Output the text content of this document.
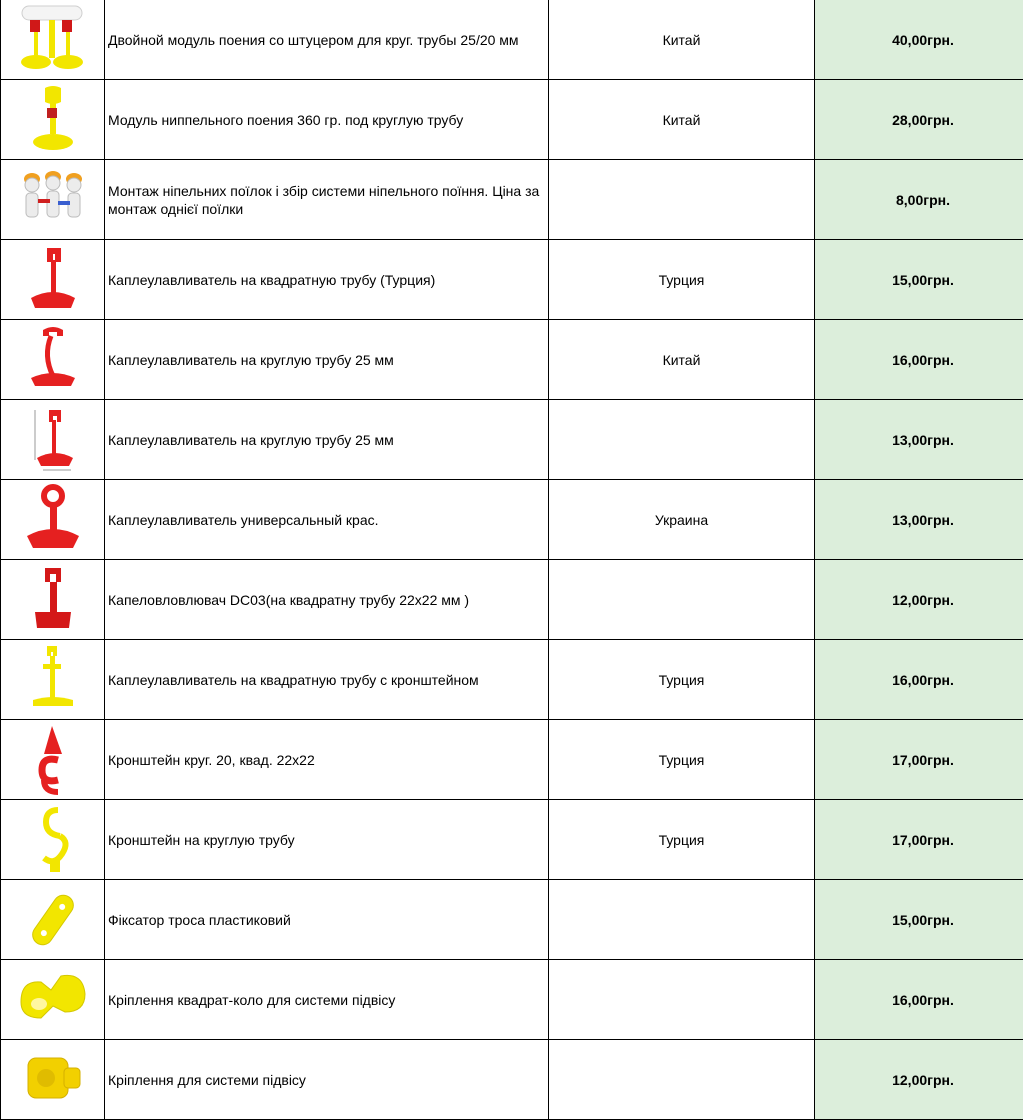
	Двойной модуль поения со штуцером для круг. трубы 25/20 мм	Китай	40,00грн.

	Модуль ниппельного поения 360 гр. под круглую трубу	Китай	28,00грн.

	Монтаж нiпельних поїлок і збір системи нiпельного поїння. Ціна за монтаж однієї поїлки		8,00грн.

	Каплеулавливатель на квадратную трубу (Турция)	Турция	15,00грн.

	Каплеулавливатель на круглую трубу 25 мм	Китай	16,00грн.

	Каплеулавливатель на круглую трубу 25 мм		13,00грн.

	Каплеулавливатель универсальный крас.	Украина	13,00грн.

	Капеловловлювач DC03(на квадратну трубу 22х22 мм )		12,00грн.

	Каплеулавливатель на квадратную трубу с кронштейном	Турция	16,00грн.

	Кронштейн круг. 20, квад. 22х22	Турция	17,00грн.

	Кронштейн на круглую трубу	Турция	17,00грн.

	Фіксатор троса пластиковий		15,00грн.

	Кріплення квадрат-коло для системи підвісу		16,00грн.

	Кріплення для системи підвісу		12,00грн.
